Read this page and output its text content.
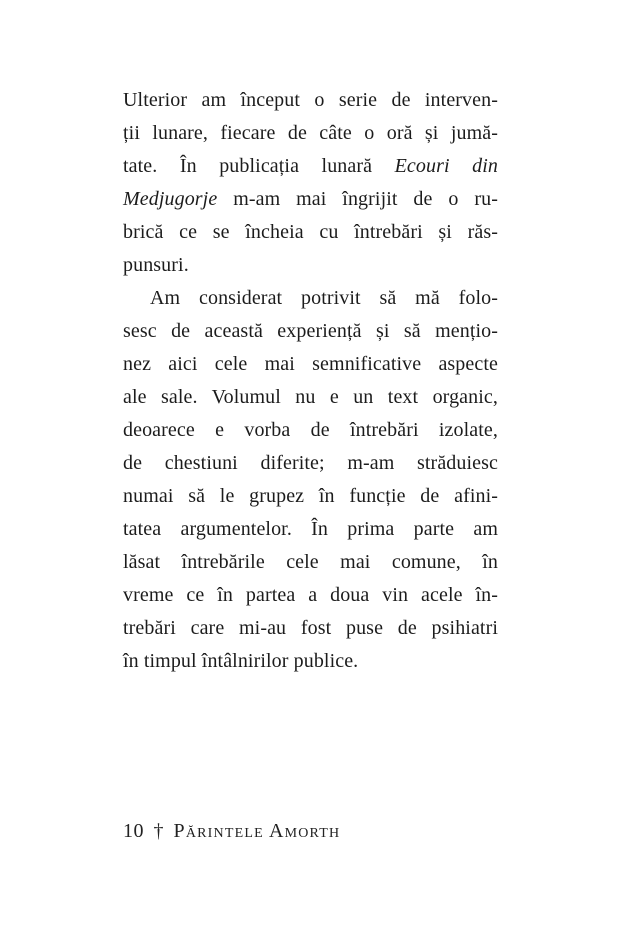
Ulterior am început o serie de interven-
ții lunare, fiecare de câte o oră și jumă-
tate. În publicația lunară Ecouri din
Medjugorje m-am mai îngrijit de o ru-
brică ce se încheia cu întrebări și răs-
punsuri.
Am considerat potrivit să mă folo-
sesc de această experiență și să mențio-
nez aici cele mai semnificative aspecte
ale sale. Volumul nu e un text organic,
deoarece e vorba de întrebări izolate,
de chestiuni diferite; m-am străduiesc
numai să le grupez în funcție de afini-
tatea argumentelor. În prima parte am
lăsat întrebările cele mai comune, în
vreme ce în partea a doua vin acele în-
trebări care mi-au fost puse de psihiatri
în timpul întâlnirilor publice.
10 † Părintele Amorth
